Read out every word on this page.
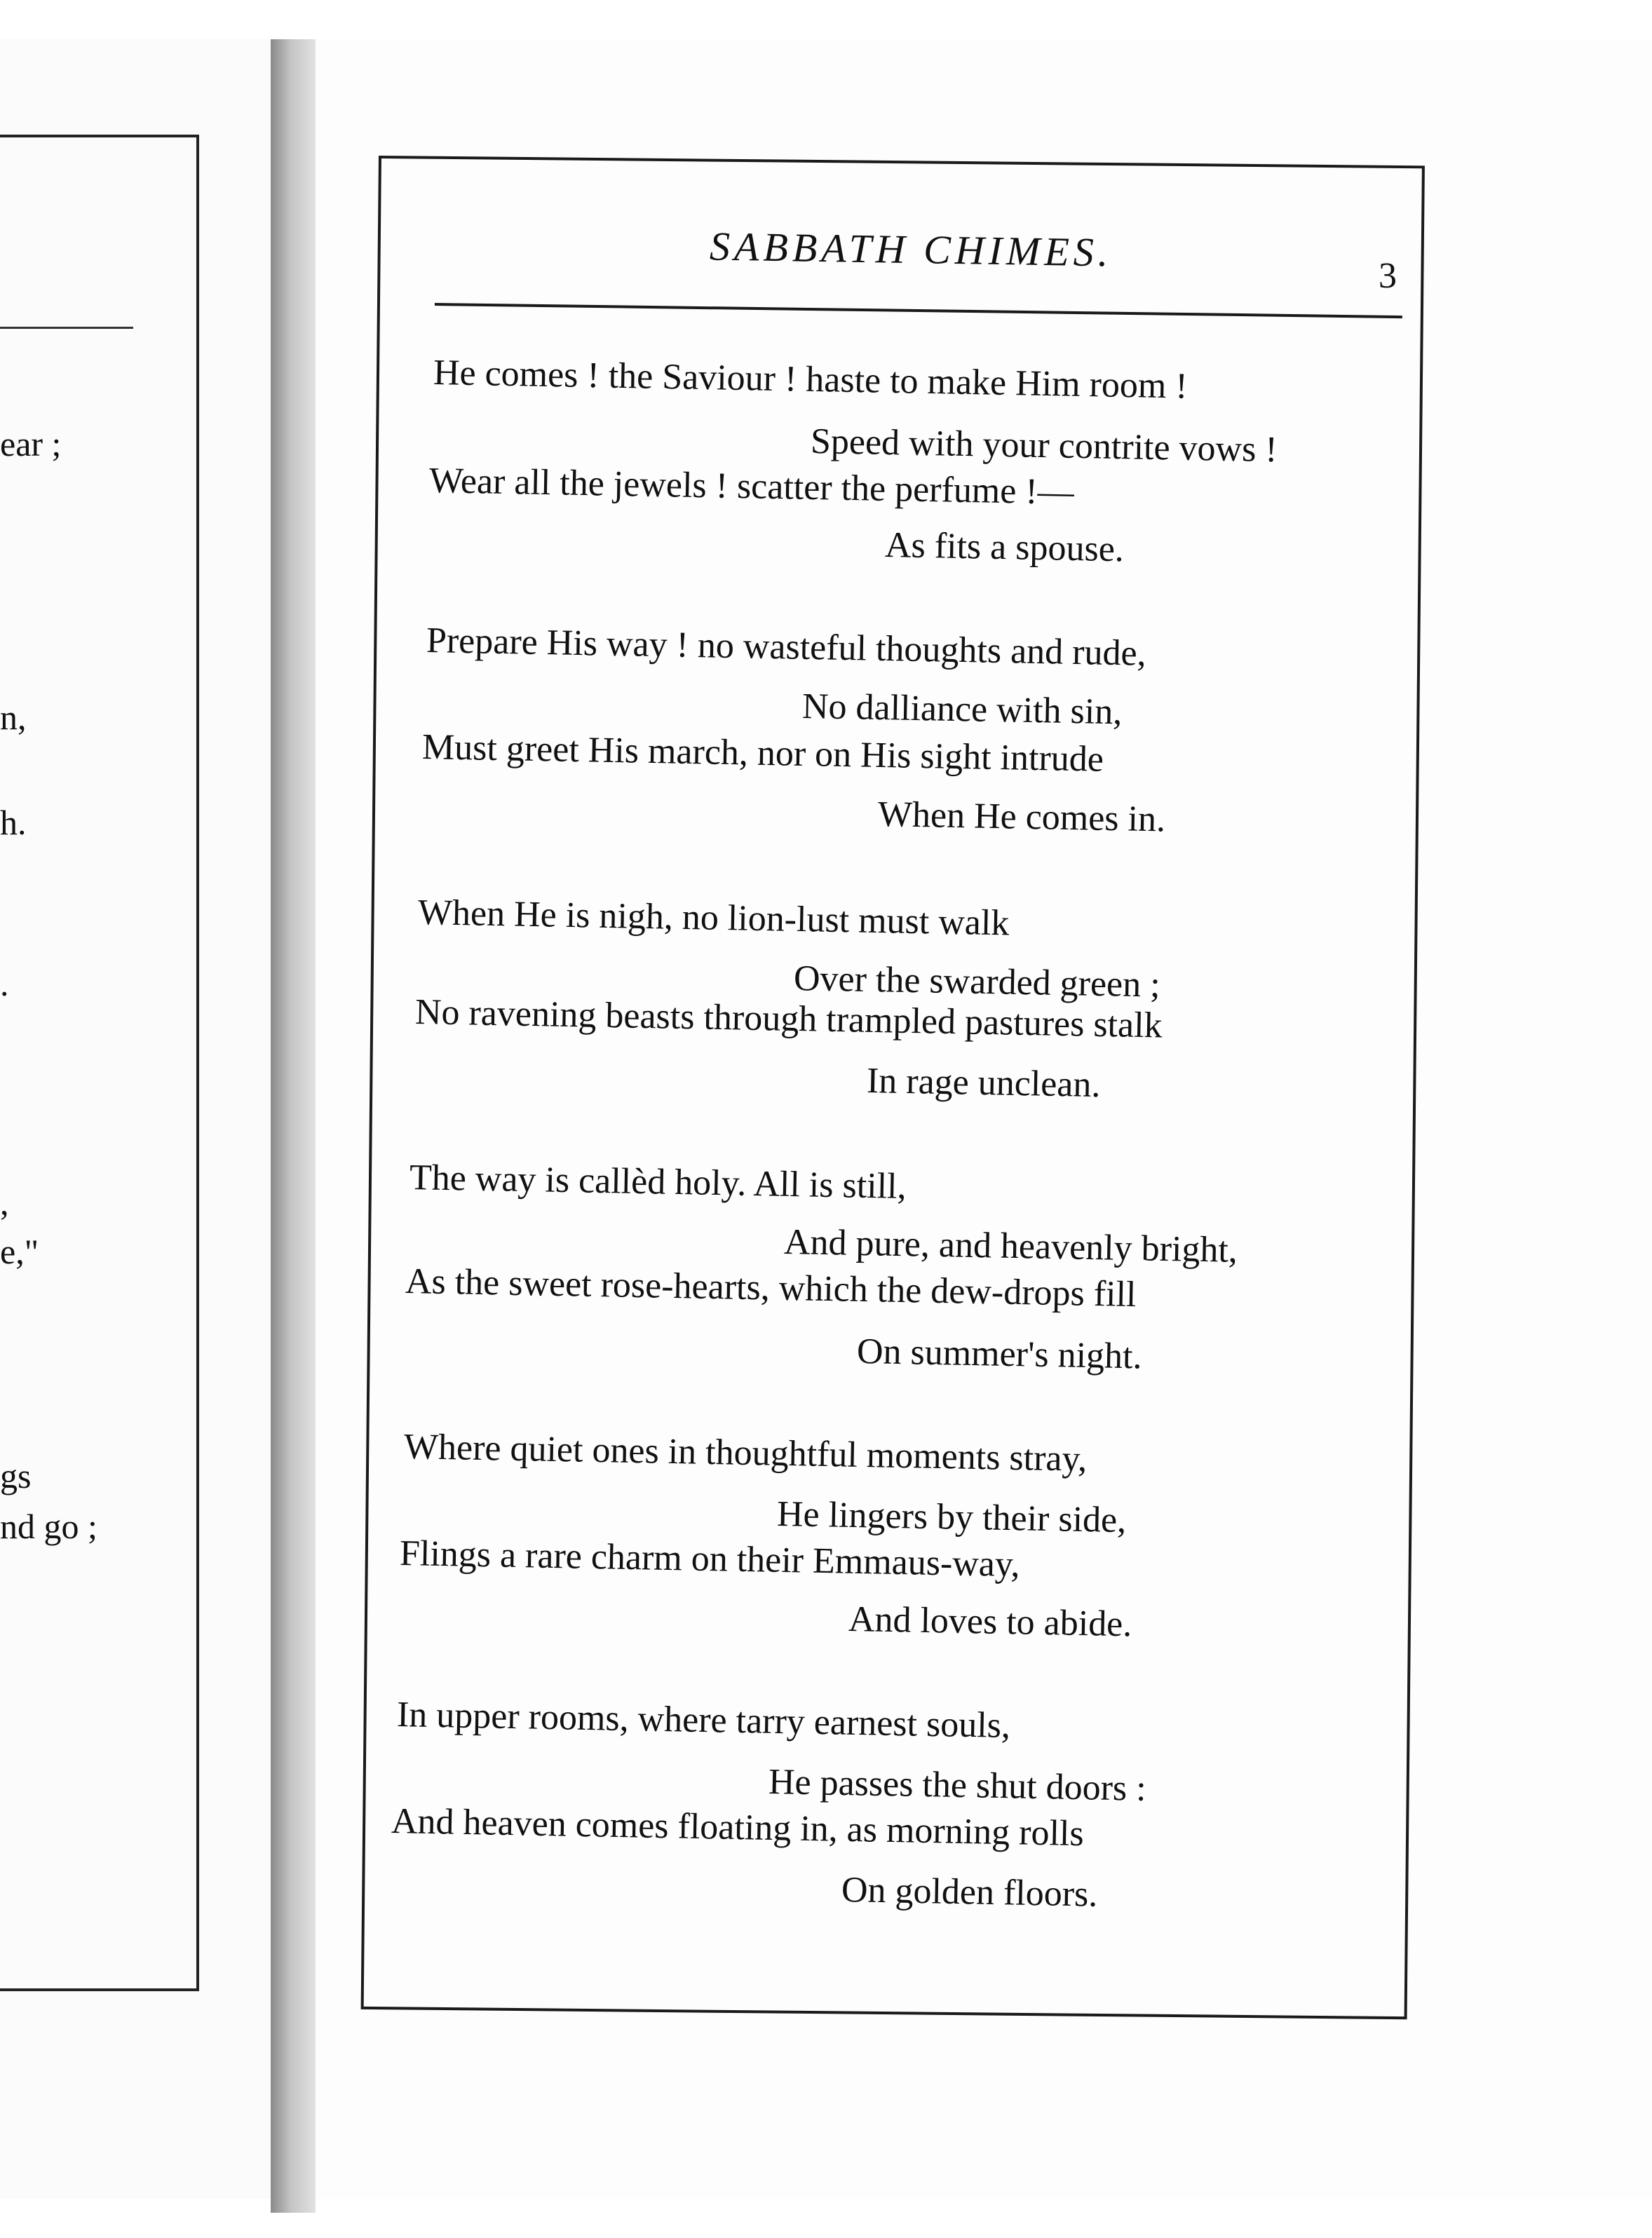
ear ;
n,
h.
.
,
e,"
gs
nd go ;
SABBATH CHIMES.
3
He comes ! the Saviour ! haste to make Him room !
Speed with your contrite vows !
Wear all the jewels ! scatter the perfume !—
As fits a spouse.
Prepare His way ! no wasteful thoughts and rude,
No dalliance with sin,
Must greet His march, nor on His sight intrude
When He comes in.
When He is nigh, no lion-lust must walk
Over the swarded green ;
No ravening beasts through trampled pastures stalk
In rage unclean.
The way is callèd holy. All is still,
And pure, and heavenly bright,
As the sweet rose-hearts, which the dew-drops fill
On summer's night.
Where quiet ones in thoughtful moments stray,
He lingers by their side,
Flings a rare charm on their Emmaus-way,
And loves to abide.
In upper rooms, where tarry earnest souls,
He passes the shut doors :
And heaven comes floating in, as morning rolls
On golden floors.
